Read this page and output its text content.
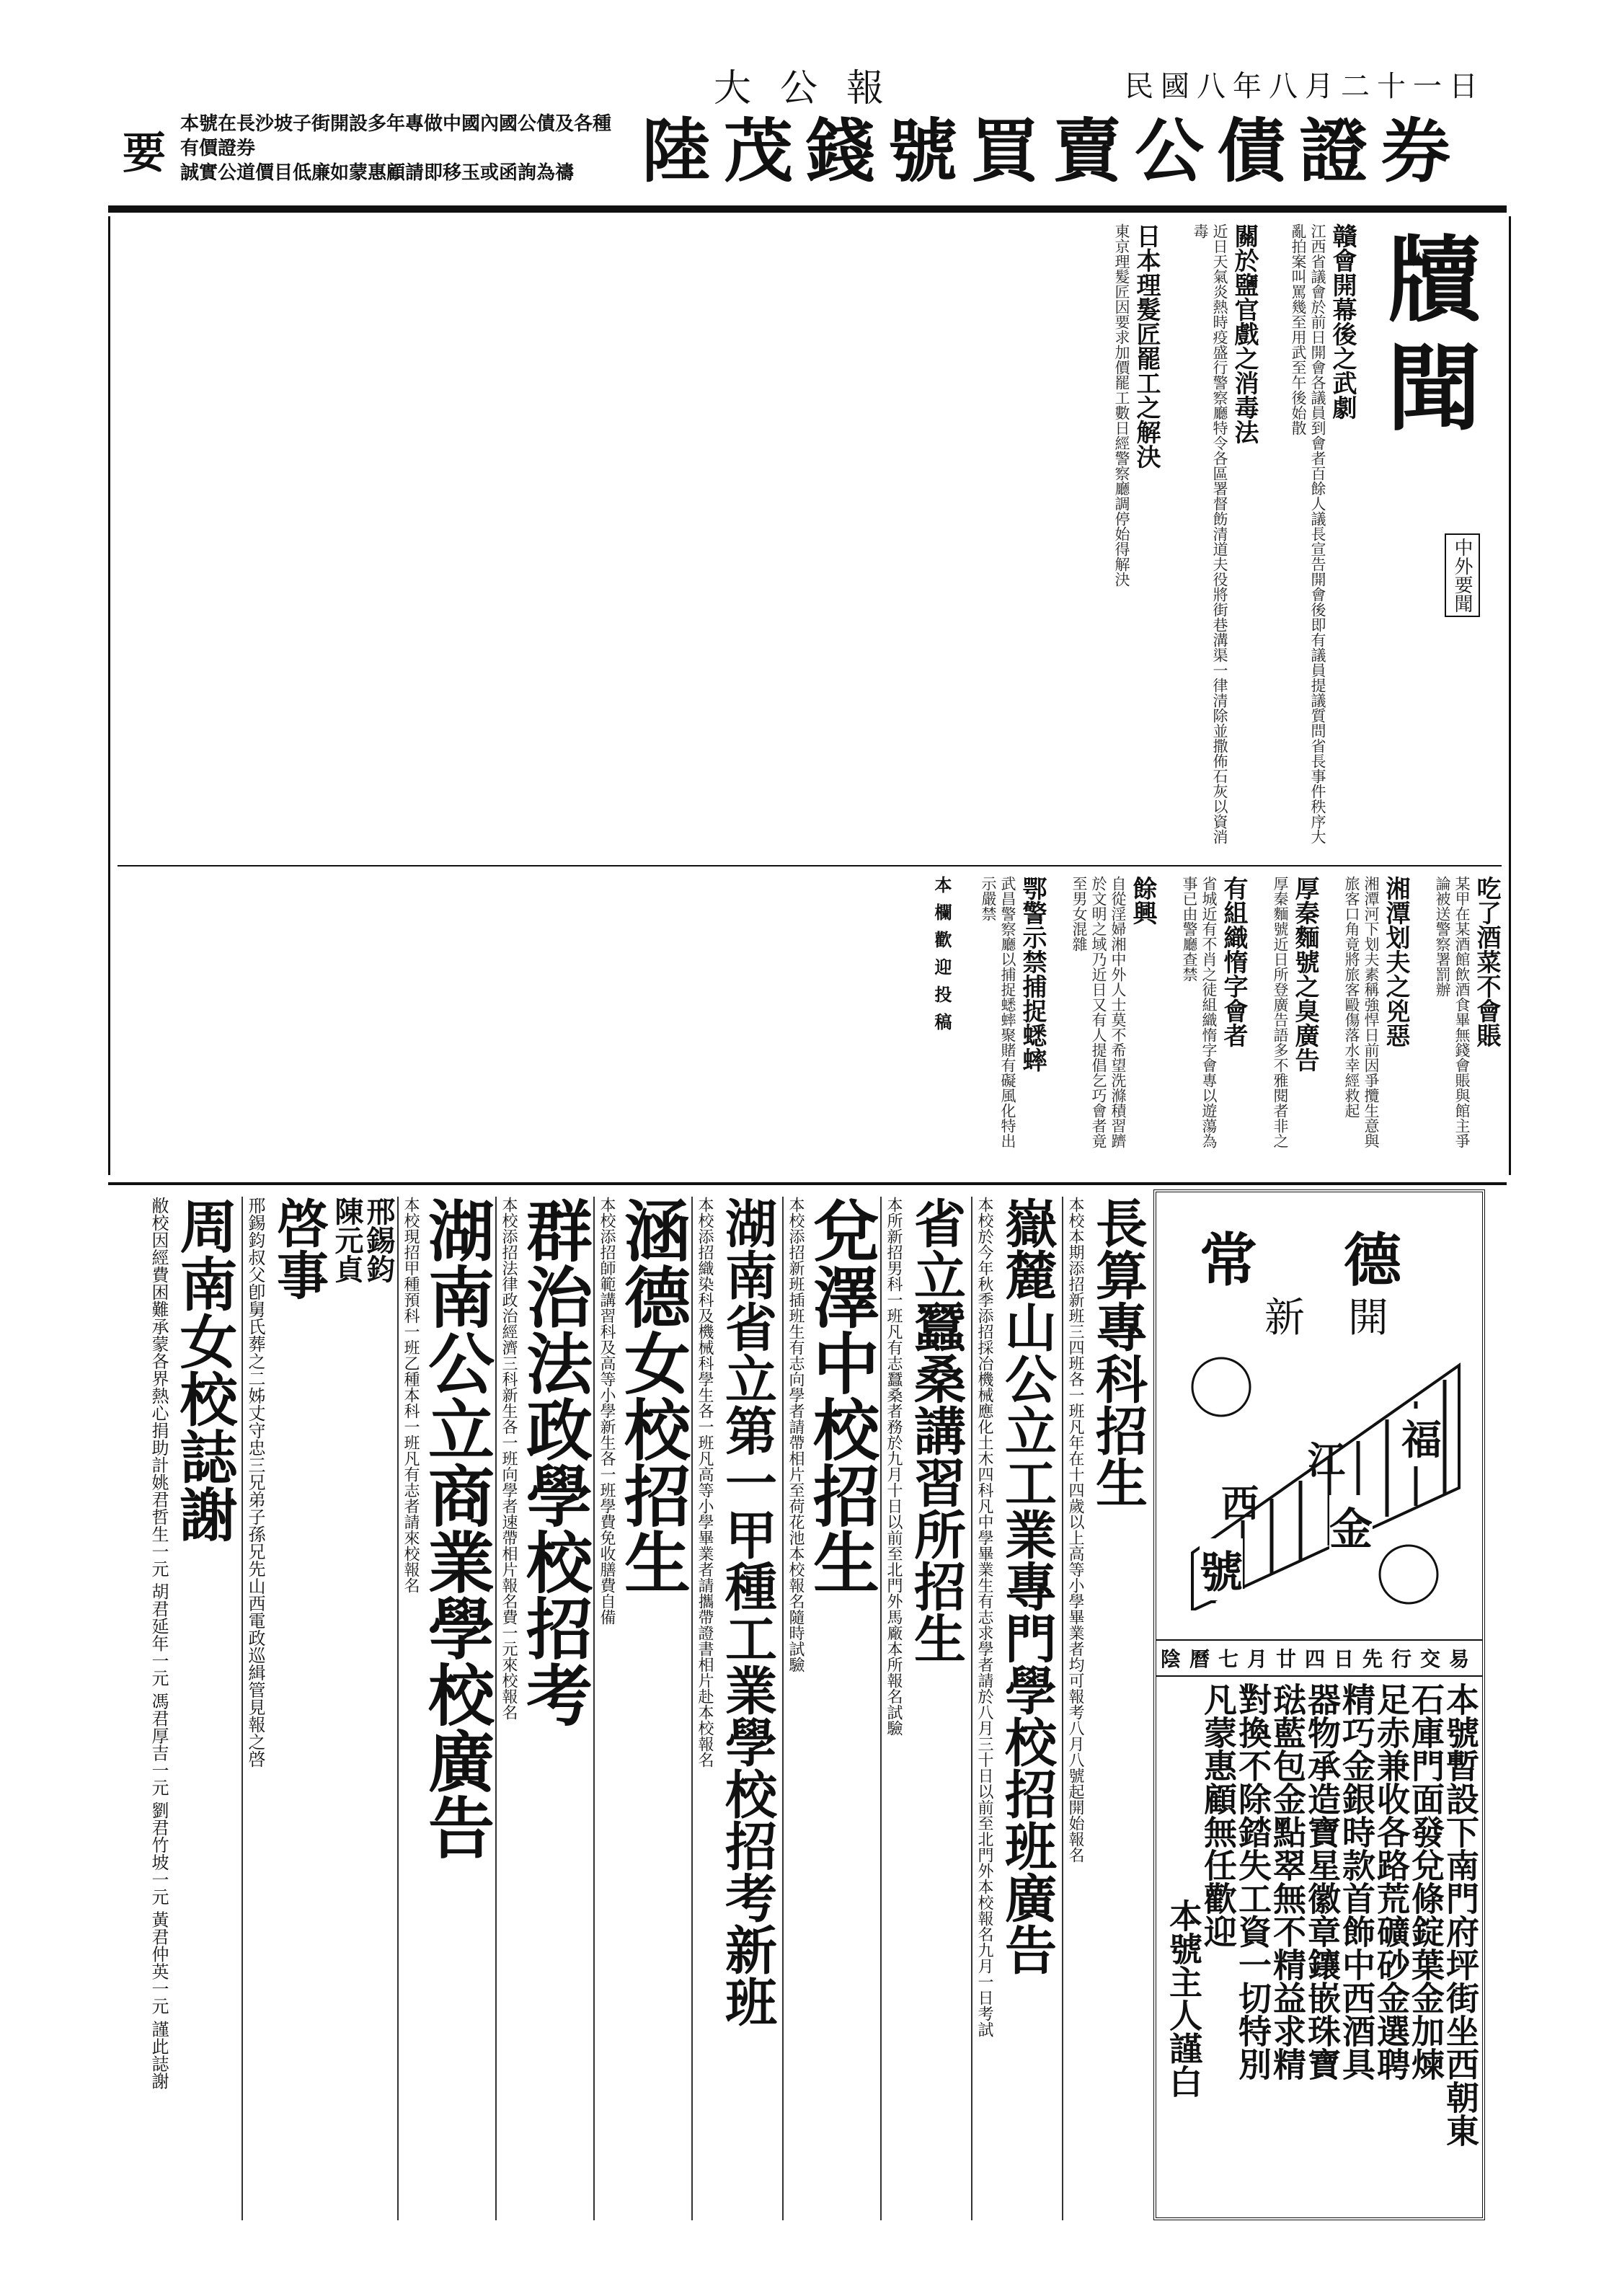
大公報	民國八年八月二十一日
要
本號在長沙坡子街開設多年專做中國內國公債及各種有價證券
誠實公道價目低廉如蒙惠顧請即移玉或函詢為禱 陸茂錢號買賣公債證券
牘聞
中外要聞
贛會開幕後之武劇
江西省議會於前日開會各議員到會者百餘人議長宣告開會後即有議員提議質問省長事件秩序大亂拍案叫罵幾至用武至午後始散
關於鹽官戲之消毒法
近日天氣炎熱時疫盛行警察廳特令各區署督飭清道夫役將街巷溝渠一律清除並撒佈石灰以資消毒
日本理髮匠罷工之解決
東京理髮匠因要求加價罷工數日經警察廳調停始得解決
吃了酒菜不會賬
某甲在某酒館飲酒食畢無錢會賬與館主爭論被送警察署罰辦
湘潭划夫之兇惡
湘潭河下划夫素稱強悍日前因爭攬生意與旅客口角竟將旅客毆傷落水幸經救起
厚秦麵號之臭廣告
厚秦麵號近日所登廣告語多不雅閱者非之
有組織惰字會者
省城近有不肖之徒組織惰字會專以遊蕩為事已由警廳查禁
餘興
自從淫婦湘中外人士莫不希望洗滌積習躋於文明之域乃近日又有人提倡乞巧會者竟至男女混雜
鄂警示禁捕捉蟋蟀
武昌警察廳以捕捉蟋蟀聚賭有礙風化特出示嚴禁
本欄歡迎投稿
常德
新開
江
西
福
金
號
陰曆七月廿四日先行交易
本號暫設下南門府坪街坐西朝東
石庫門面發兌條錠葉金加煉
足赤兼收各路荒礦砂金選聘
精巧金銀時款首飾中西酒具
器物承造寶星徽章鑲嵌珠寶
琺藍包金點翠無不精益求精
對換不除錔失工資一切特別
凡蒙惠顧無任歡迎
本號主人謹白
長算專科招生
本校本期添招新班三四班各一班凡年在十四歲以上高等小學畢業者均可報考八月八號起開始報名
嶽麓山公立工業專門學校招班廣告
本校於今年秋季添招採冶機械應化土木四科凡中學畢業生有志求學者請於八月三十日以前至北門外本校報名九月一日考試
省立蠶桑講習所招生
本所新招男科一班凡有志蠶桑者務於九月十日以前至北門外馬廠本所報名試驗
兌澤中校招生
本校添招新班插班生有志向學者請帶相片至荷花池本校報名隨時試驗
湖南省立第一甲種工業學校招考新班
本校添招織染科及機械科學生各一班凡高等小學畢業者請攜帶證書相片赴本校報名
涵德女校招生
本校添招師範講習科及高等小學新生各一班學費免收膳費自備
群治法政學校招考
本校添招法律政治經濟三科新生各一班向學者速帶相片報名費一元來校報名
湖南公立商業學校廣告
本校現招甲種預科一班乙種本科一班凡有志者請來校報名
邢錫鈞
陳元貞
啓事
邢錫鈞叔父卽舅氏葬之二姊丈守忠三兄弟子孫兄先山西電政巡緝管見報之啓
周南女校誌謝
敝校因經費困難承蒙各界熱心捐助計姚君哲生一元 胡君延年一元 馮君厚吉一元 劉君竹坡一元 黃君仲英一元 謹此誌謝
